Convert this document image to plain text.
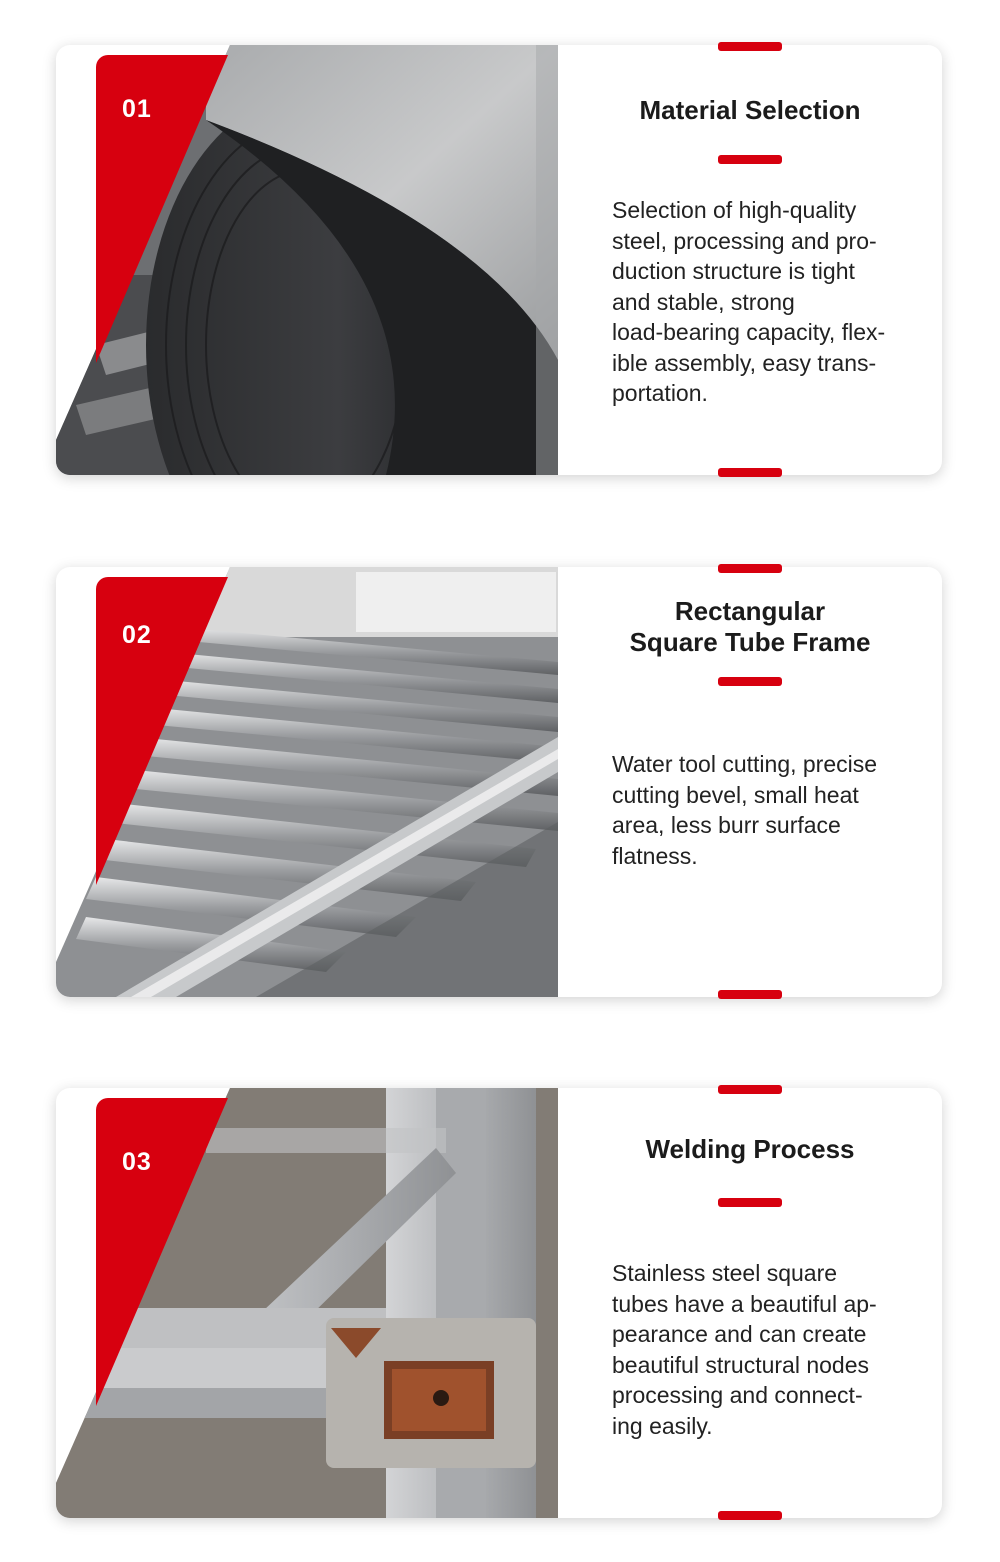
01	Material Selection

Selection of high-quality
steel, processing and pro-
duction structure is tight
and stable, strong
load-bearing capacity, flex-
ible assembly, easy trans-
portation.

02
Rectangular
Square Tube Frame

Water tool cutting, precise
cutting bevel, small heat
area, less burr surface
flatness.

03	Welding Process

Stainless steel square
tubes have a beautiful ap-
pearance and can create
beautiful structural nodes
processing and connect-
ing easily.
